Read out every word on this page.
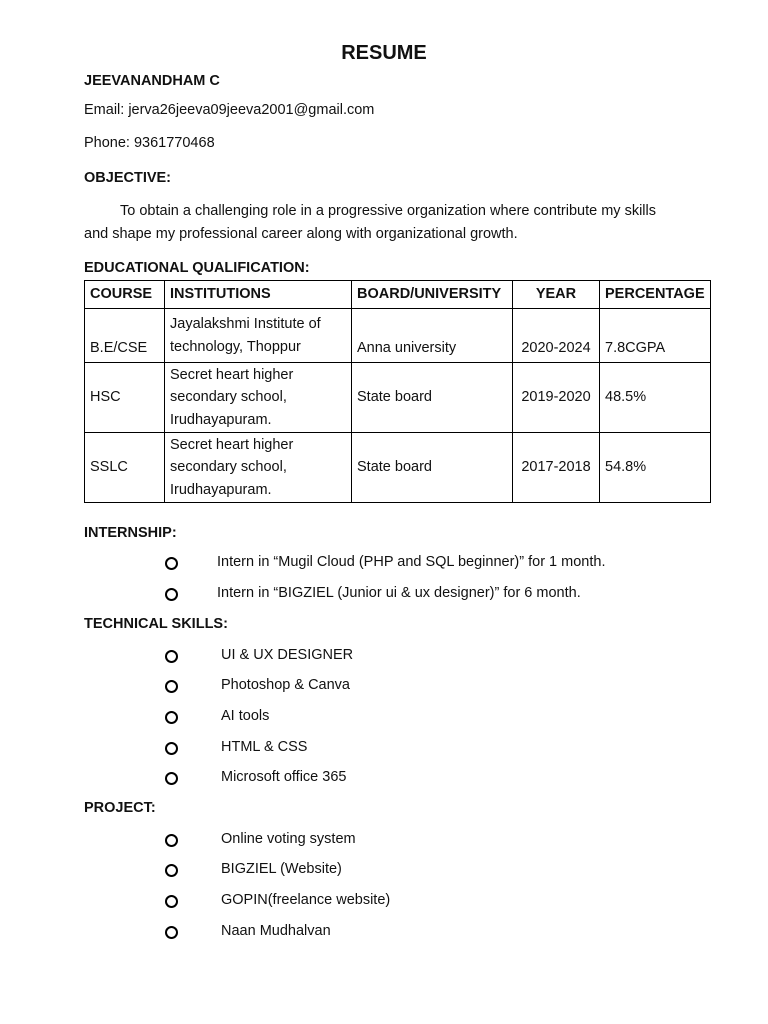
RESUME
JEEVANANDHAM C
Email: jerva26jeeva09jeeva2001@gmail.com
Phone: 9361770468
OBJECTIVE:
To obtain a challenging role in a progressive organization where contribute my skills and shape my professional career along with organizational growth.
EDUCATIONAL QUALIFICATION:
COURSE	INSTITUTIONS	BOARD/UNIVERSITY	YEAR	PERCENTAGE
B.E/CSE	Jayalakshmi Institute of technology, Thoppur	Anna university	2020-2024	7.8CGPA
HSC	Secret heart higher secondary school, Irudhayapuram.	State board	2019-2020	48.5%
SSLC	Secret heart higher secondary school, Irudhayapuram.	State board	2017-2018	54.8%
INTERNSHIP:
Intern in “Mugil Cloud (PHP and SQL beginner)” for 1 month.
Intern in “BIGZIEL (Junior ui & ux designer)” for 6 month.
TECHNICAL SKILLS:
UI & UX DESIGNER
Photoshop & Canva
AI tools
HTML & CSS
Microsoft office 365
PROJECT:
Online voting system
BIGZIEL (Website)
GOPIN(freelance website)
Naan Mudhalvan
